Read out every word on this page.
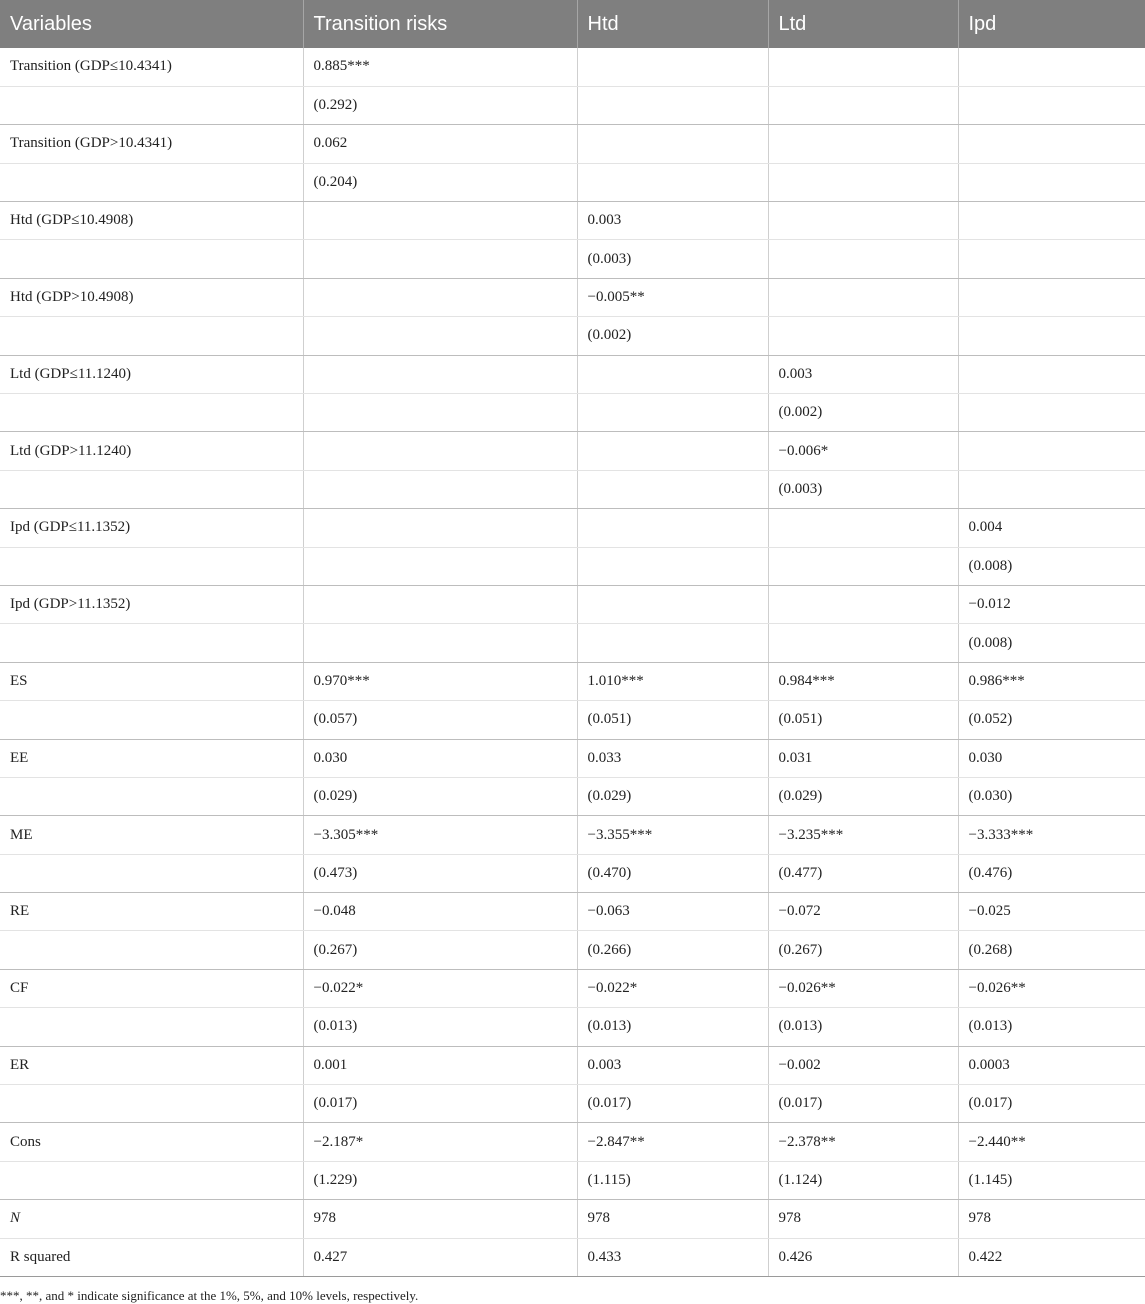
Variables	Transition risks	Htd	Ltd	Ipd
Transition (GDP≤10.4341)	0.885***			
	(0.292)			
Transition (GDP>10.4341)	0.062			
	(0.204)			
Htd (GDP≤10.4908)		0.003		
		(0.003)		
Htd (GDP>10.4908)		−0.005**		
		(0.002)		
Ltd (GDP≤11.1240)			0.003	
			(0.002)	
Ltd (GDP>11.1240)			−0.006*	
			(0.003)	
Ipd (GDP≤11.1352)				0.004
				(0.008)
Ipd (GDP>11.1352)				−0.012
				(0.008)
ES	0.970***	1.010***	0.984***	0.986***
	(0.057)	(0.051)	(0.051)	(0.052)
EE	0.030	0.033	0.031	0.030
	(0.029)	(0.029)	(0.029)	(0.030)
ME	−3.305***	−3.355***	−3.235***	−3.333***
	(0.473)	(0.470)	(0.477)	(0.476)
RE	−0.048	−0.063	−0.072	−0.025
	(0.267)	(0.266)	(0.267)	(0.268)
CF	−0.022*	−0.022*	−0.026**	−0.026**
	(0.013)	(0.013)	(0.013)	(0.013)
ER	0.001	0.003	−0.002	0.0003
	(0.017)	(0.017)	(0.017)	(0.017)
Cons	−2.187*	−2.847**	−2.378**	−2.440**
	(1.229)	(1.115)	(1.124)	(1.145)
N	978	978	978	978
R squared	0.427	0.433	0.426	0.422
***, **, and * indicate significance at the 1%, 5%, and 10% levels, respectively.
